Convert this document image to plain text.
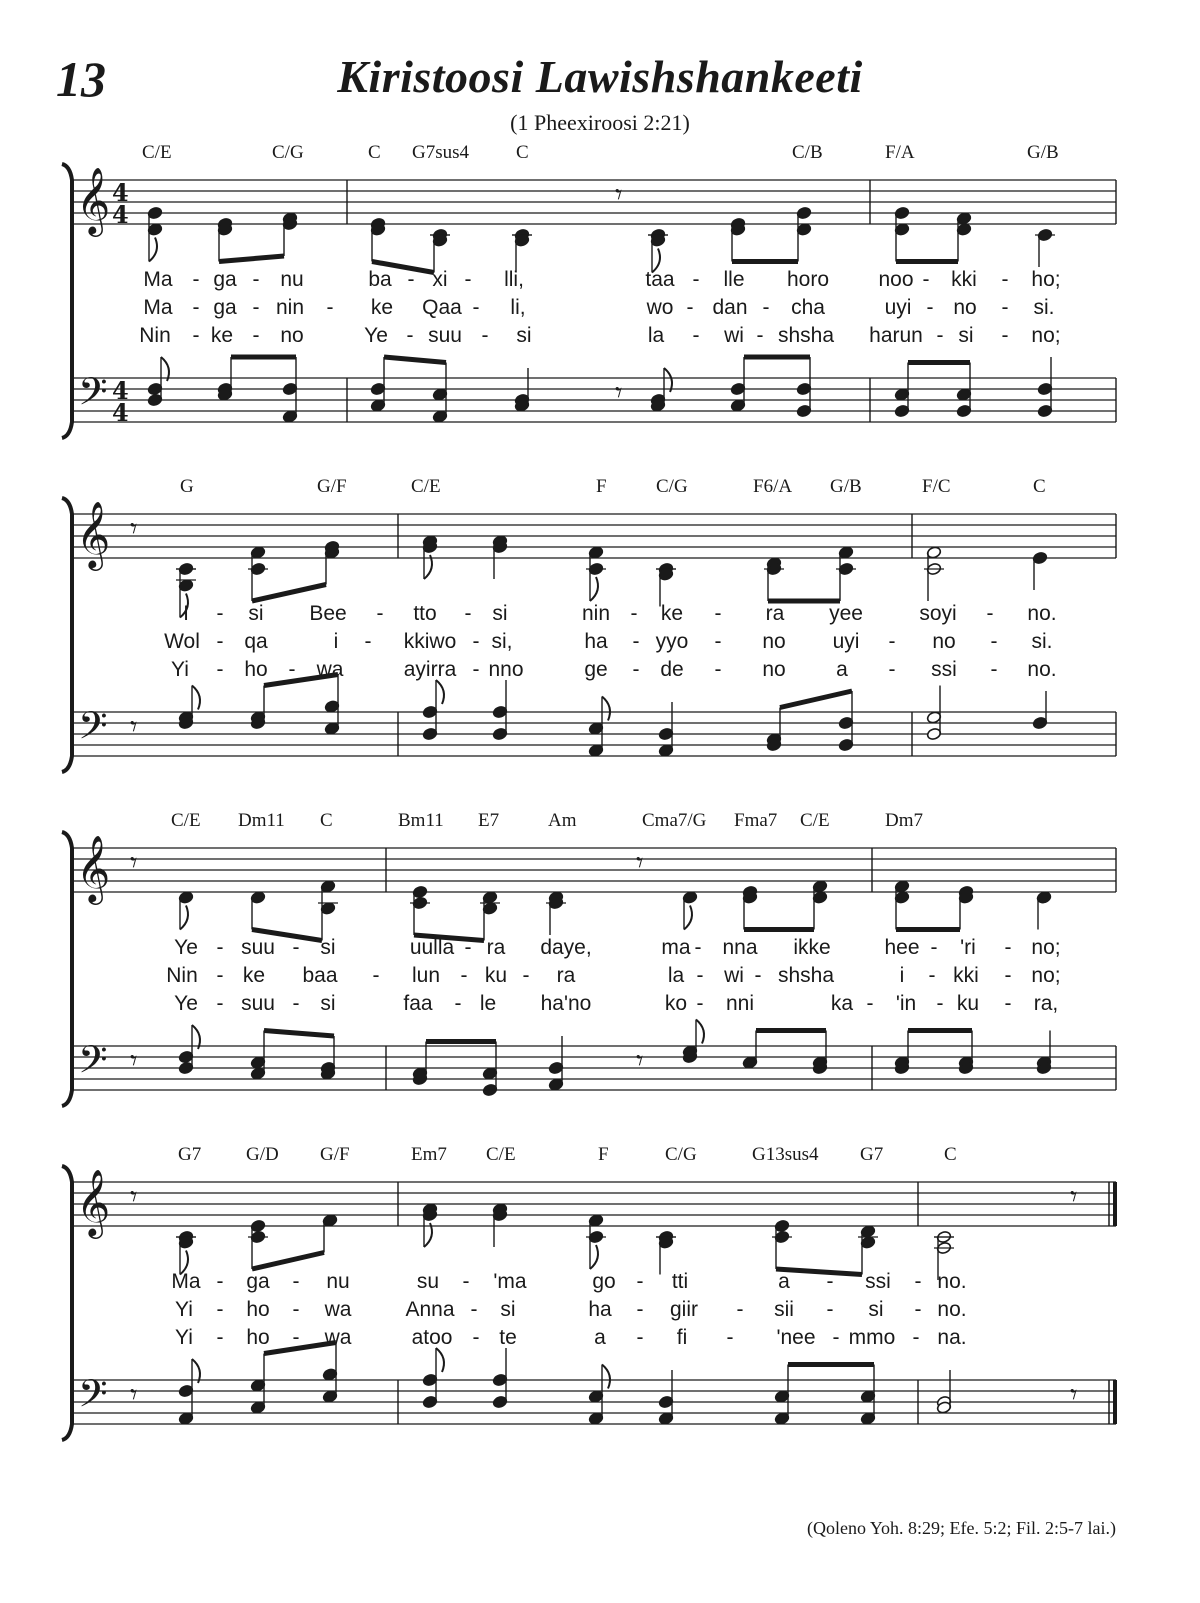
13	Kiristoosi Lawishshankeeti
(1 Pheexiroosi 2:21)
C/E	C/G	C G7sus4 C	C/B	F/A	G/B
𝄞
𝄢
4
4
4
4
𝄾
𝄾
Ma - ga - nu	ba - xi - lli,	taa - lle horo noo - kki - ho;
Ma - ga - nin - ke Qaa - li,	wo - dan - cha	uyi - no - si.
Nin - ke - no	Ye - suu - si	la - wi - shsha harun - si - no;
G	G/F	C/E	F	C/G	F6/A G/B	F/C	C
𝄞
𝄢
𝄾
𝄾
I - si Bee - tto - si	nin - ke - ra yee	soyi - no.
Wol - qa	i - kkiwo - si,	ha - yyo - no uyi - no - si.
Yi - ho - wa	ayirra - nno	ge - de - no a - ssi - no.
C/E Dm11 C	Bm11 E7	Am	Cma7/G Fma7 C/E	Dm7
𝄞
𝄢
𝄾
𝄾
𝄾
𝄾
Ye - suu - si	uulla - ra daye,	ma - nna ikke	hee - 'ri - no;
Nin - ke baa - lun - ku - ra	la - wi - shsha	i - kki - no;
Ye - suu - si	faa - le ha'no	ko - nni	ka - 'in - ku - ra,
G7 G/D G/F	Em7 C/E	F	C/G	G13sus4 G7	C
𝄞
𝄢
𝄾
𝄾
𝄾
𝄾
Ma - ga - nu	su - 'ma	go - tti	a - ssi - no.
Yi - ho - wa	Anna - si	ha - giir - sii - si - no.
Yi - ho - wa	atoo - te	a - fi - 'nee - mmo - na.
(Qoleno Yoh. 8:29; Efe. 5:2; Fil. 2:5-7 lai.)
